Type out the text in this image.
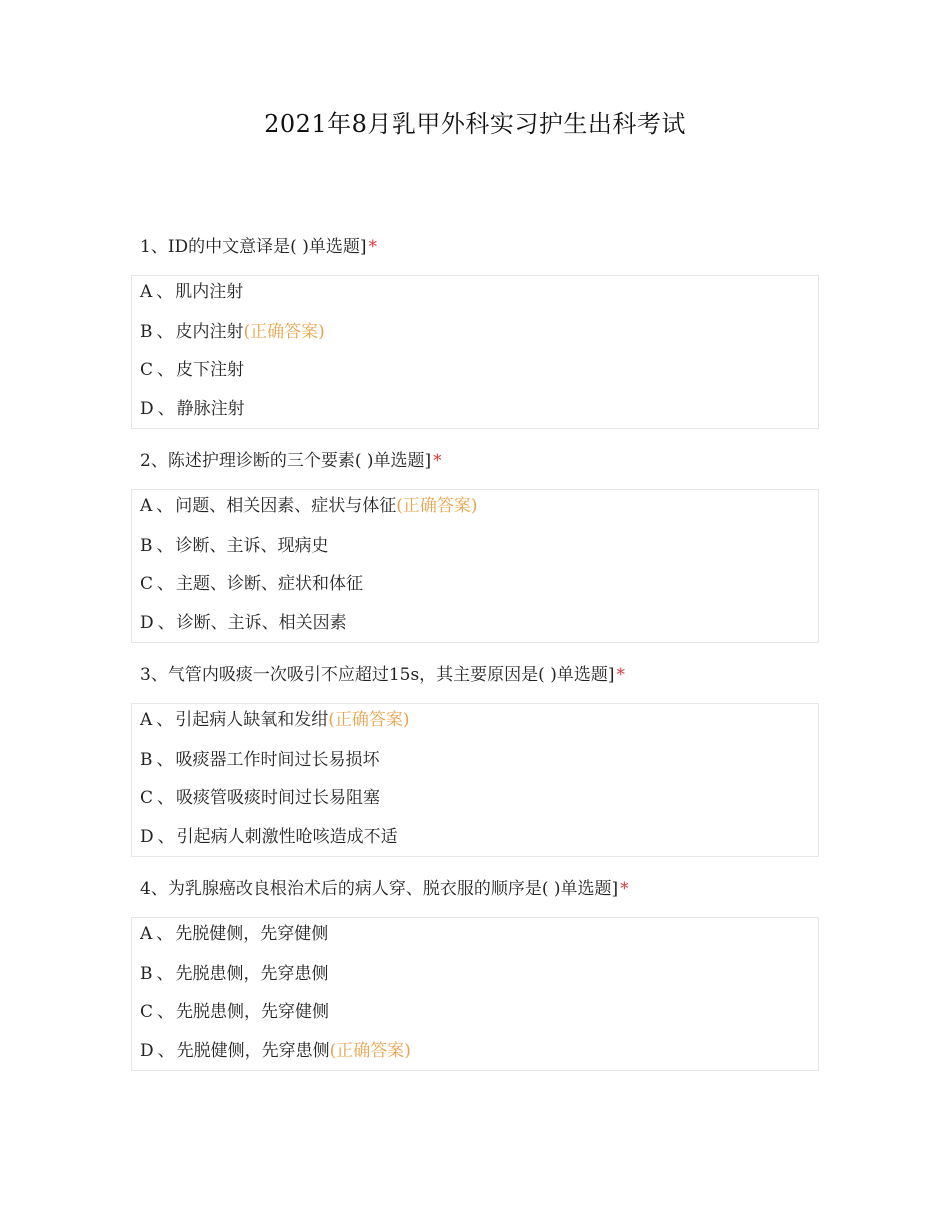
2021年8月乳甲外科实习护生出科考试
1、ID的中文意译是( )单选题] *
A 、 肌内注射
B 、 皮内注射(正确答案)
C 、 皮下注射
D 、 静脉注射
2、陈述护理诊断的三个要素( )单选题] *
A 、 问题、相关因素、症状与体征(正确答案)
B 、 诊断、主诉、现病史
C 、 主题、诊断、症状和体征
D 、 诊断、主诉、相关因素
3、气管内吸痰一次吸引不应超过15s，其主要原因是( )单选题] *
A 、 引起病人缺氧和发绀(正确答案)
B 、 吸痰器工作时间过长易损坏
C 、 吸痰管吸痰时间过长易阻塞
D 、 引起病人刺激性呛咳造成不适
4、为乳腺癌改良根治术后的病人穿、脱衣服的顺序是( )单选题] *
A 、 先脱健侧，先穿健侧
B 、 先脱患侧，先穿患侧
C 、 先脱患侧，先穿健侧
D 、 先脱健侧，先穿患侧(正确答案)
